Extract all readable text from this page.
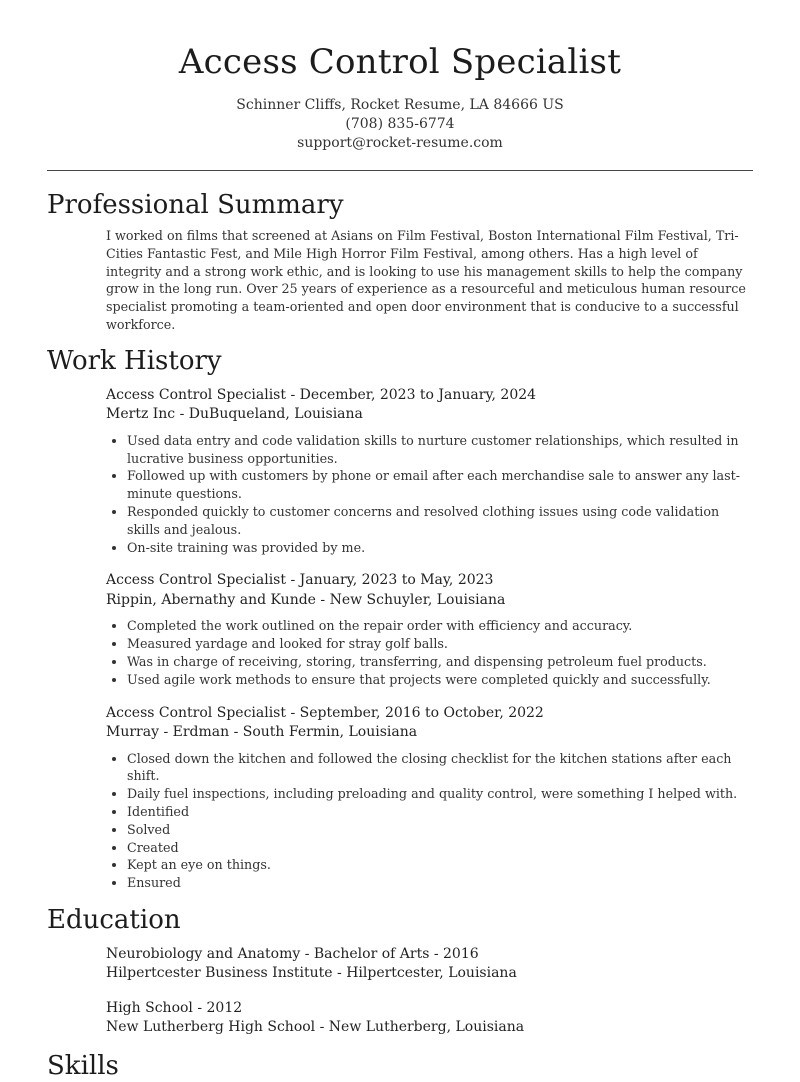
Access Control Specialist
Schinner Cliffs, Rocket Resume, LA 84666 US
(708) 835-6774
support@rocket-resume.com
Professional Summary

I worked on films that screened at Asians on Film Festival, Boston International Film Festival, Tri-Cities Fantastic Fest, and Mile High Horror Film Festival, among others. Has a high level of integrity and a strong work ethic, and is looking to use his management skills to help the company grow in the long run. Over 25 years of experience as a resourceful and meticulous human resource specialist promoting a team-oriented and open door environment that is conducive to a successful workforce.

Work History
Access Control Specialist - December, 2023 to January, 2024
Mertz Inc - DuBuqueland, Louisiana
• Used data entry and code validation skills to nurture customer relationships, which resulted in lucrative business opportunities.
• Followed up with customers by phone or email after each merchandise sale to answer any last-minute questions.
• Responded quickly to customer concerns and resolved clothing issues using code validation skills and jealous.
• On-site training was provided by me.
Access Control Specialist - January, 2023 to May, 2023
Rippin, Abernathy and Kunde - New Schuyler, Louisiana
• Completed the work outlined on the repair order with efficiency and accuracy.
• Measured yardage and looked for stray golf balls.
• Was in charge of receiving, storing, transferring, and dispensing petroleum fuel products.
• Used agile work methods to ensure that projects were completed quickly and successfully.
Access Control Specialist - September, 2016 to October, 2022
Murray - Erdman - South Fermin, Louisiana
• Closed down the kitchen and followed the closing checklist for the kitchen stations after each shift.
• Daily fuel inspections, including preloading and quality control, were something I helped with.
• Identified
• Solved
• Created
• Kept an eye on things.
• Ensured
Education
Neurobiology and Anatomy - Bachelor of Arts - 2016
Hilpertcester Business Institute - Hilpertcester, Louisiana
High School - 2012
New Lutherberg High School - New Lutherberg, Louisiana
Skills
